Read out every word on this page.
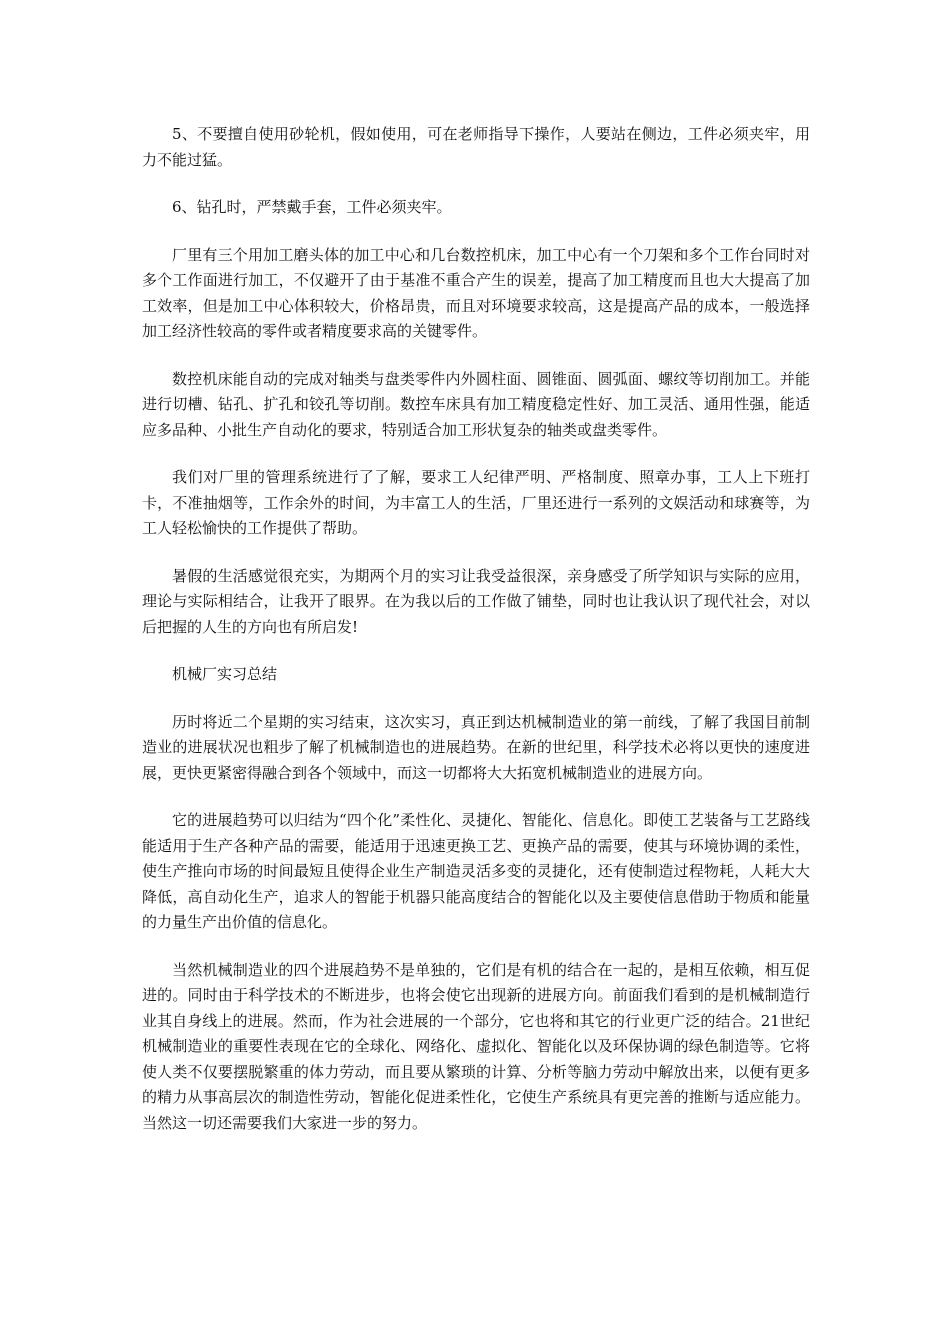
5、不要擅自使用砂轮机，假如使用，可在老师指导下操作，人要站在侧边，工件必须夹牢，用力不能过猛。

6、钻孔时，严禁戴手套，工件必须夹牢。

厂里有三个用加工磨头体的加工中心和几台数控机床，加工中心有一个刀架和多个工作台同时对多个工作面进行加工，不仅避开了由于基准不重合产生的误差，提高了加工精度而且也大大提高了加工效率，但是加工中心体积较大，价格昂贵，而且对环境要求较高，这是提高产品的成本，一般选择加工经济性较高的零件或者精度要求高的关键零件。

数控机床能自动的完成对轴类与盘类零件内外圆柱面、圆锥面、圆弧面、螺纹等切削加工。并能进行切槽、钻孔、扩孔和铰孔等切削。数控车床具有加工精度稳定性好、加工灵活、通用性强，能适应多品种、小批生产自动化的要求，特别适合加工形状复杂的轴类或盘类零件。

我们对厂里的管理系统进行了了解，要求工人纪律严明、严格制度、照章办事，工人上下班打卡，不准抽烟等，工作余外的时间，为丰富工人的生活，厂里还进行一系列的文娱活动和球赛等，为工人轻松愉快的工作提供了帮助。

暑假的生活感觉很充实，为期两个月的实习让我受益很深，亲身感受了所学知识与实际的应用，理论与实际相结合，让我开了眼界。在为我以后的工作做了铺垫，同时也让我认识了现代社会，对以后把握的人生的方向也有所启发!

机械厂实习总结

历时将近二个星期的实习结束，这次实习，真正到达机械制造业的第一前线，了解了我国目前制造业的进展状况也粗步了解了机械制造也的进展趋势。在新的世纪里，科学技术必将以更快的速度进展，更快更紧密得融合到各个领域中，而这一切都将大大拓宽机械制造业的进展方向。

它的进展趋势可以归结为“四个化”柔性化、灵捷化、智能化、信息化。即使工艺装备与工艺路线能适用于生产各种产品的需要，能适用于迅速更换工艺、更换产品的需要，使其与环境协调的柔性，使生产推向市场的时间最短且使得企业生产制造灵活多变的灵捷化，还有使制造过程物耗，人耗大大降低，高自动化生产，追求人的智能于机器只能高度结合的智能化以及主要使信息借助于物质和能量的力量生产出价值的信息化。

当然机械制造业的四个进展趋势不是单独的，它们是有机的结合在一起的，是相互依赖，相互促进的。同时由于科学技术的不断进步，也将会使它出现新的进展方向。前面我们看到的是机械制造行业其自身线上的进展。然而，作为社会进展的一个部分，它也将和其它的行业更广泛的结合。21世纪机械制造业的重要性表现在它的全球化、网络化、虚拟化、智能化以及环保协调的绿色制造等。它将使人类不仅要摆脱繁重的体力劳动，而且要从繁琐的计算、分析等脑力劳动中解放出来，以便有更多的精力从事高层次的制造性劳动，智能化促进柔性化，它使生产系统具有更完善的推断与适应能力。当然这一切还需要我们大家进一步的努力。
